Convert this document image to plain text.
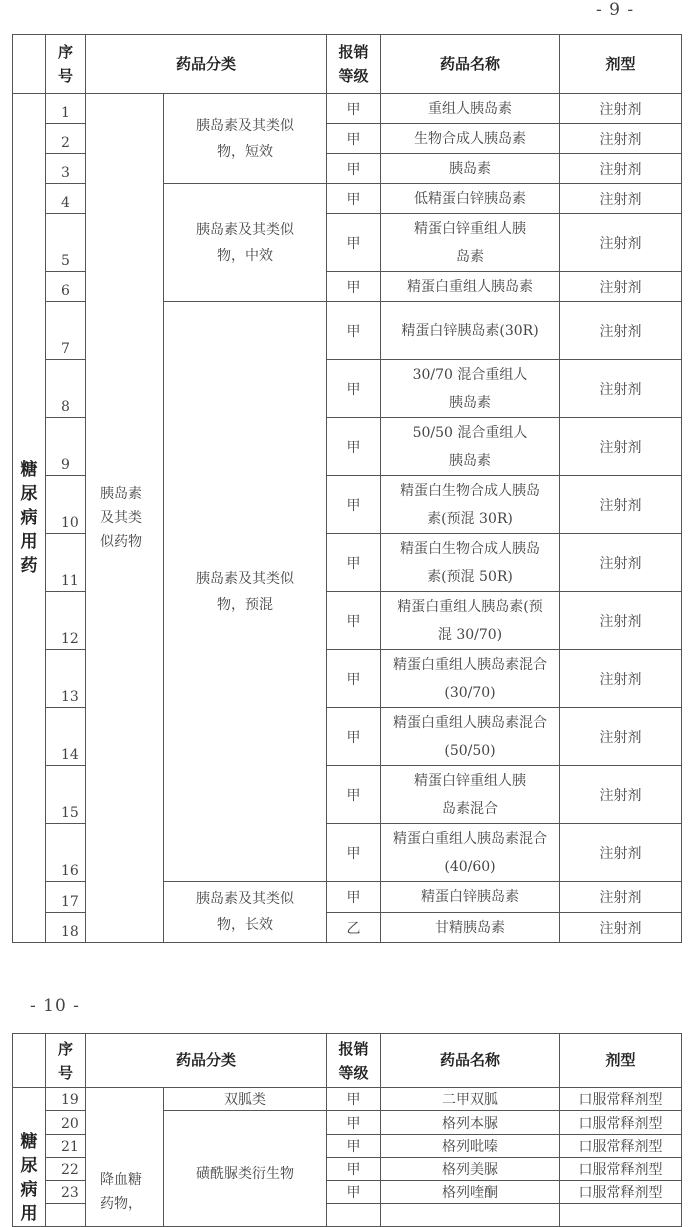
- 9 -
	序号	药品分类		报销等级	药品名称	剂型
糖尿病用药	1	胰岛素及其类似药物	胰岛素及其类似物，短效	甲	重组人胰岛素	注射剂
	2			甲	生物合成人胰岛素	注射剂
	3			甲	胰岛素	注射剂
	4		胰岛素及其类似物，中效	甲	低精蛋白锌胰岛素	注射剂
	5			甲	精蛋白锌重组人胰岛素	注射剂
	6			甲	精蛋白重组人胰岛素	注射剂
	7		胰岛素及其类似物，预混	甲	精蛋白锌胰岛素(30R)	注射剂
	8			甲	30/70 混合重组人胰岛素	注射剂
	9			甲	50/50 混合重组人胰岛素	注射剂
	10			甲	精蛋白生物合成人胰岛素(预混 30R)	注射剂
	11			甲	精蛋白生物合成人胰岛素(预混 50R)	注射剂
	12			甲	精蛋白重组人胰岛素(预混 30/70)	注射剂
	13			甲	精蛋白重组人胰岛素混合(30/70)	注射剂
	14			甲	精蛋白重组人胰岛素混合(50/50)	注射剂
	15			甲	精蛋白锌重组人胰岛素混合	注射剂
	16			甲	精蛋白重组人胰岛素混合(40/60)	注射剂
	17		胰岛素及其类似物，长效	甲	精蛋白锌胰岛素	注射剂
	18			乙	甘精胰岛素	注射剂
- 10 -
	序号	药品分类		报销等级	药品名称	剂型
糖尿病用	19	降血糖药物，	双胍类	甲	二甲双胍	口服常释剂型
	20		磺酰脲类衍生物	甲	格列本脲	口服常释剂型
	21			甲	格列吡嗪	口服常释剂型
	22			甲	格列美脲	口服常释剂型
	23			甲	格列喹酮	口服常释剂型
